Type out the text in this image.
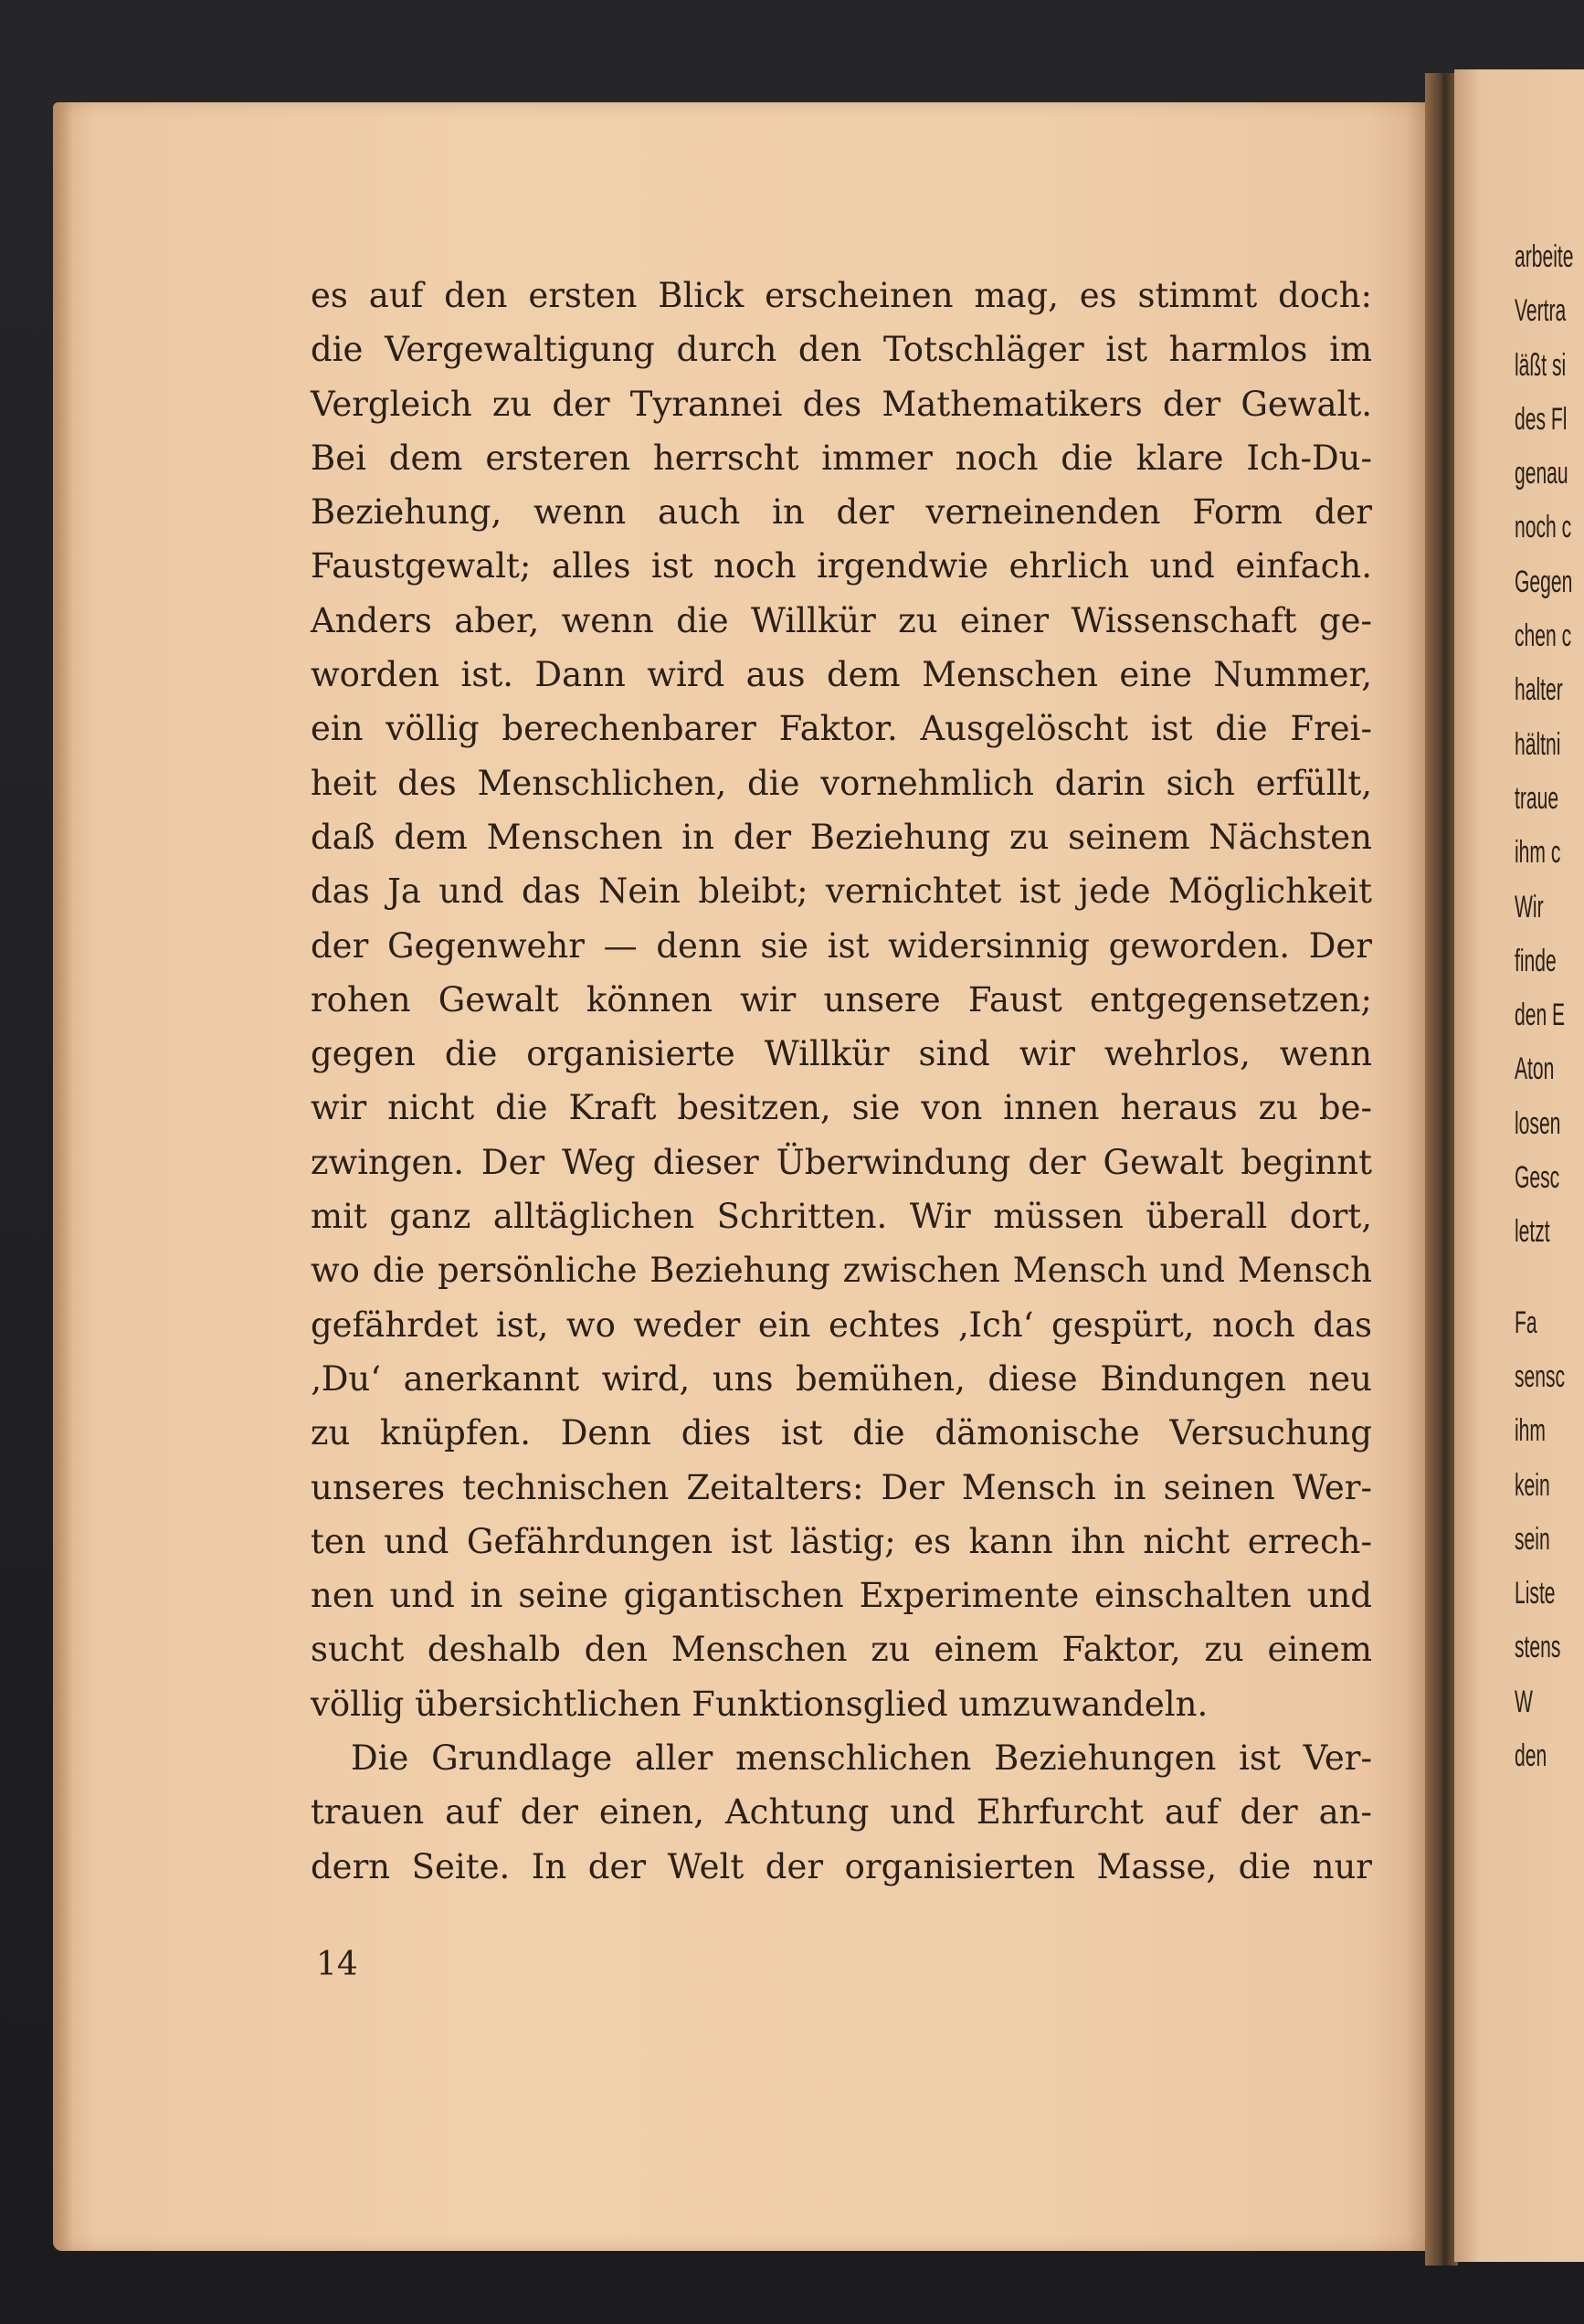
es auf den ersten Blick erscheinen mag, es stimmt doch:
die Vergewaltigung durch den Totschläger ist harmlos im
Vergleich zu der Tyrannei des Mathematikers der Gewalt.
Bei dem ersteren herrscht immer noch die klare Ich-Du-
Beziehung, wenn auch in der verneinenden Form der
Faustgewalt; alles ist noch irgendwie ehrlich und einfach.
Anders aber, wenn die Willkür zu einer Wissenschaft ge-
worden ist. Dann wird aus dem Menschen eine Nummer,
ein völlig berechenbarer Faktor. Ausgelöscht ist die Frei-
heit des Menschlichen, die vornehmlich darin sich erfüllt,
daß dem Menschen in der Beziehung zu seinem Nächsten
das Ja und das Nein bleibt; vernichtet ist jede Möglichkeit
der Gegenwehr — denn sie ist widersinnig geworden. Der
rohen Gewalt können wir unsere Faust entgegensetzen;
gegen die organisierte Willkür sind wir wehrlos, wenn
wir nicht die Kraft besitzen, sie von innen heraus zu be-
zwingen. Der Weg dieser Überwindung der Gewalt beginnt
mit ganz alltäglichen Schritten. Wir müssen überall dort,
wo die persönliche Beziehung zwischen Mensch und Mensch
gefährdet ist, wo weder ein echtes ‚Ich‘ gespürt, noch das
‚Du‘ anerkannt wird, uns bemühen, diese Bindungen neu
zu knüpfen. Denn dies ist die dämonische Versuchung
unseres technischen Zeitalters: Der Mensch in seinen Wer-
ten und Gefährdungen ist lästig; es kann ihn nicht errech-
nen und in seine gigantischen Experimente einschalten und
sucht deshalb den Menschen zu einem Faktor, zu einem
völlig übersichtlichen Funktionsglied umzuwandeln.
Die Grundlage aller menschlichen Beziehungen ist Ver-
trauen auf der einen, Achtung und Ehrfurcht auf der an-
dern Seite. In der Welt der organisierten Masse, die nur
14
arbeite
Vertra
läßt si
des Fl
genau
noch c
Gegen
chen c
halter
hältni
traue
ihm c
Wir
finde
den E
Aton
losen
Gesc
letzt
Fa
sensc
ihm
kein
sein
Liste
stens
W
den
